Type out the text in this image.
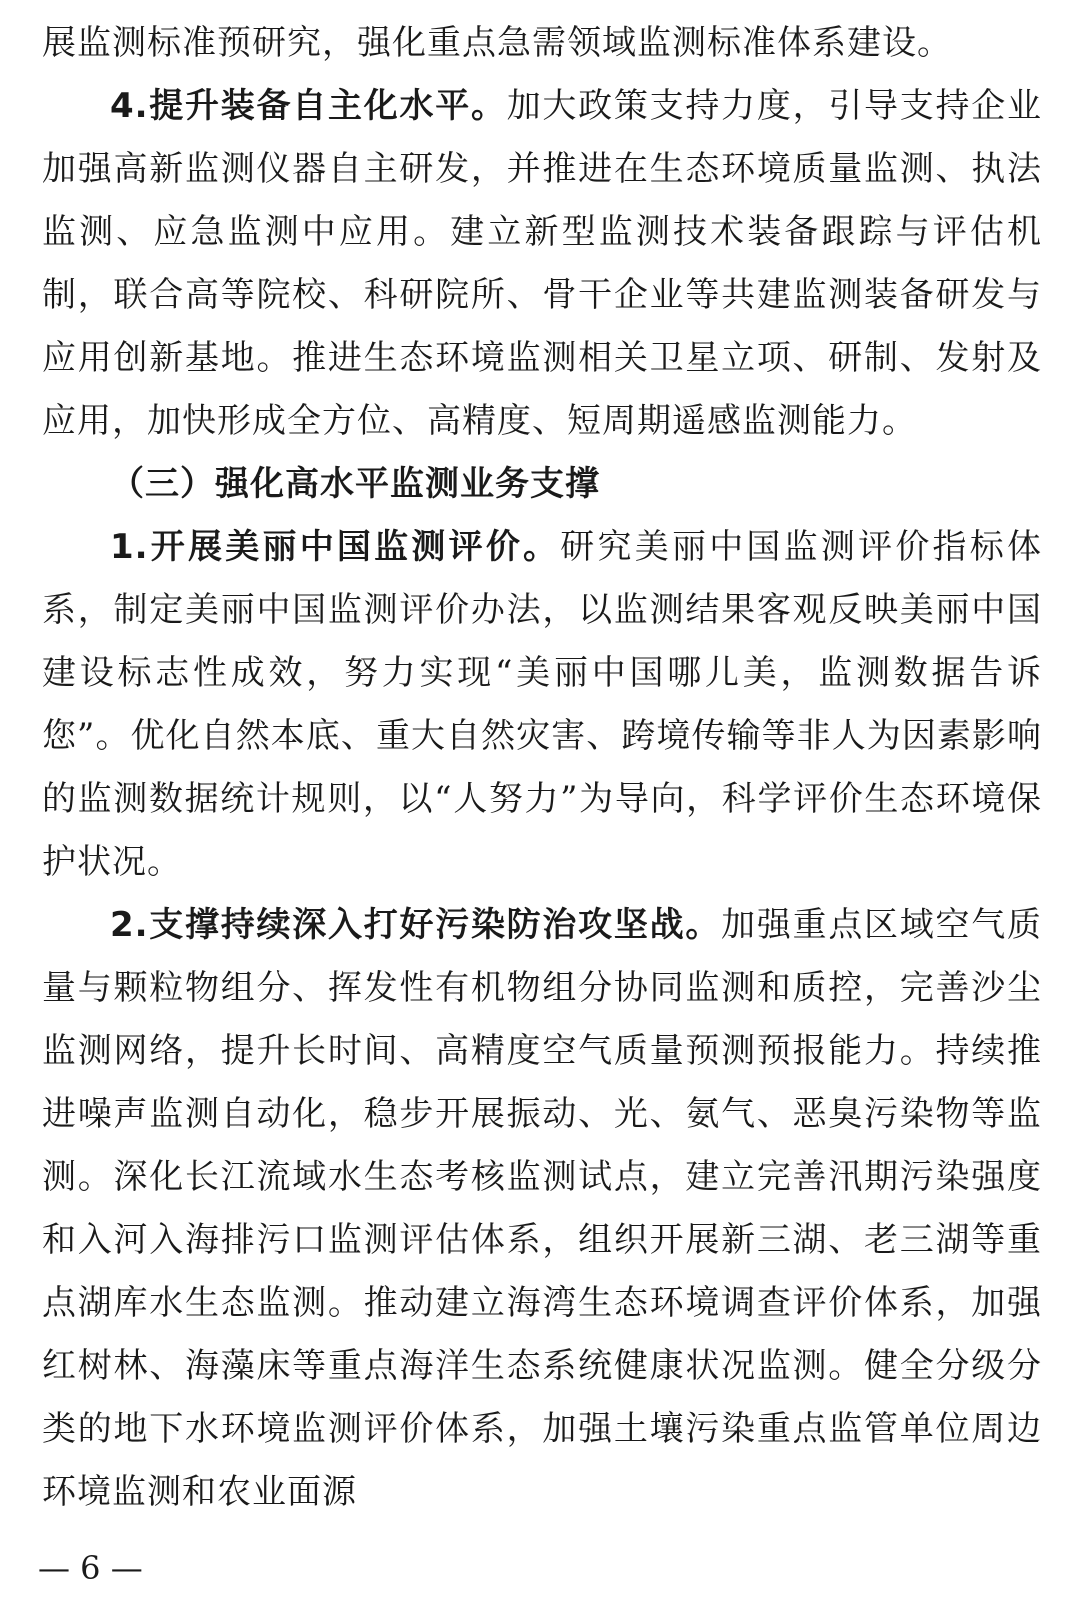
展监测标准预研究，强化重点急需领域监测标准体系建设。

4.提升装备自主化水平。加大政策支持力度，引导支持企业加强高新监测仪器自主研发，并推进在生态环境质量监测、执法监测、应急监测中应用。建立新型监测技术装备跟踪与评估机制，联合高等院校、科研院所、骨干企业等共建监测装备研发与应用创新基地。推进生态环境监测相关卫星立项、研制、发射及应用，加快形成全方位、高精度、短周期遥感监测能力。

（三）强化高水平监测业务支撑

1.开展美丽中国监测评价。研究美丽中国监测评价指标体系，制定美丽中国监测评价办法，以监测结果客观反映美丽中国建设标志性成效，努力实现“美丽中国哪儿美，监测数据告诉您”。优化自然本底、重大自然灾害、跨境传输等非人为因素影响的监测数据统计规则，以“人努力”为导向，科学评价生态环境保护状况。

2.支撑持续深入打好污染防治攻坚战。加强重点区域空气质量与颗粒物组分、挥发性有机物组分协同监测和质控，完善沙尘监测网络，提升长时间、高精度空气质量预测预报能力。持续推进噪声监测自动化，稳步开展振动、光、氨气、恶臭污染物等监测。深化长江流域水生态考核监测试点，建立完善汛期污染强度和入河入海排污口监测评估体系，组织开展新三湖、老三湖等重点湖库水生态监测。推动建立海湾生态环境调查评价体系，加强红树林、海藻床等重点海洋生态系统健康状况监测。健全分级分类的地下水环境监测评价体系，加强土壤污染重点监管单位周边环境监测和农业面源

— 6 —
